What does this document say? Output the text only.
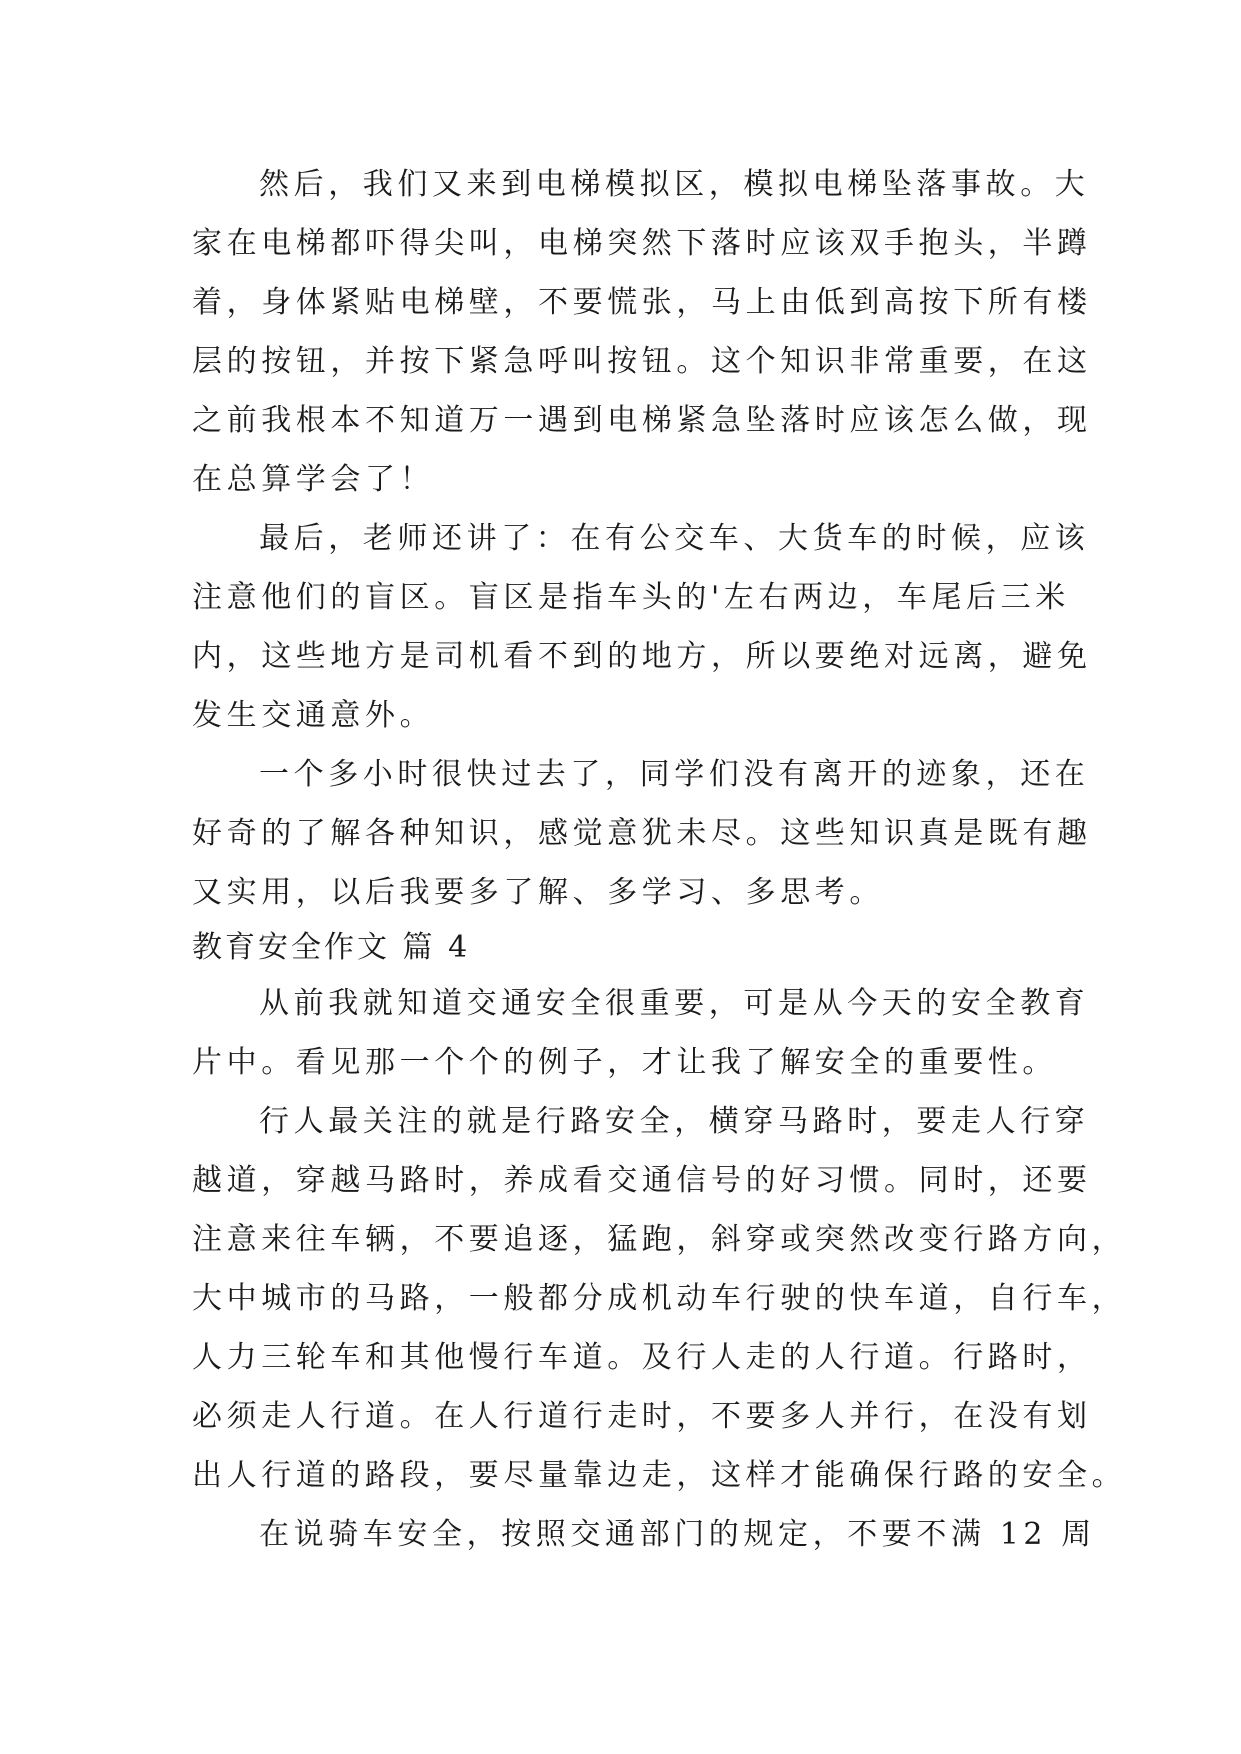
然后，我们又来到电梯模拟区，模拟电梯坠落事故。大
家在电梯都吓得尖叫，电梯突然下落时应该双手抱头，半蹲
着，身体紧贴电梯壁，不要慌张，马上由低到高按下所有楼
层的按钮，并按下紧急呼叫按钮。这个知识非常重要，在这
之前我根本不知道万一遇到电梯紧急坠落时应该怎么做，现
在总算学会了！
最后，老师还讲了：在有公交车、大货车的时候，应该
注意他们的盲区。盲区是指车头的'左右两边，车尾后三米
内，这些地方是司机看不到的地方，所以要绝对远离，避免
发生交通意外。
一个多小时很快过去了，同学们没有离开的迹象，还在
好奇的了解各种知识，感觉意犹未尽。这些知识真是既有趣
又实用，以后我要多了解、多学习、多思考。
教育安全作文 篇 4
从前我就知道交通安全很重要，可是从今天的安全教育
片中。看见那一个个的例子，才让我了解安全的重要性。
行人最关注的就是行路安全，横穿马路时，要走人行穿
越道，穿越马路时，养成看交通信号的好习惯。同时，还要
注意来往车辆，不要追逐，猛跑，斜穿或突然改变行路方向，
大中城市的马路，一般都分成机动车行驶的快车道，自行车，
人力三轮车和其他慢行车道。及行人走的人行道。行路时，
必须走人行道。在人行道行走时，不要多人并行，在没有划
出人行道的路段，要尽量靠边走，这样才能确保行路的安全。
在说骑车安全，按照交通部门的规定，不要不满 12 周
